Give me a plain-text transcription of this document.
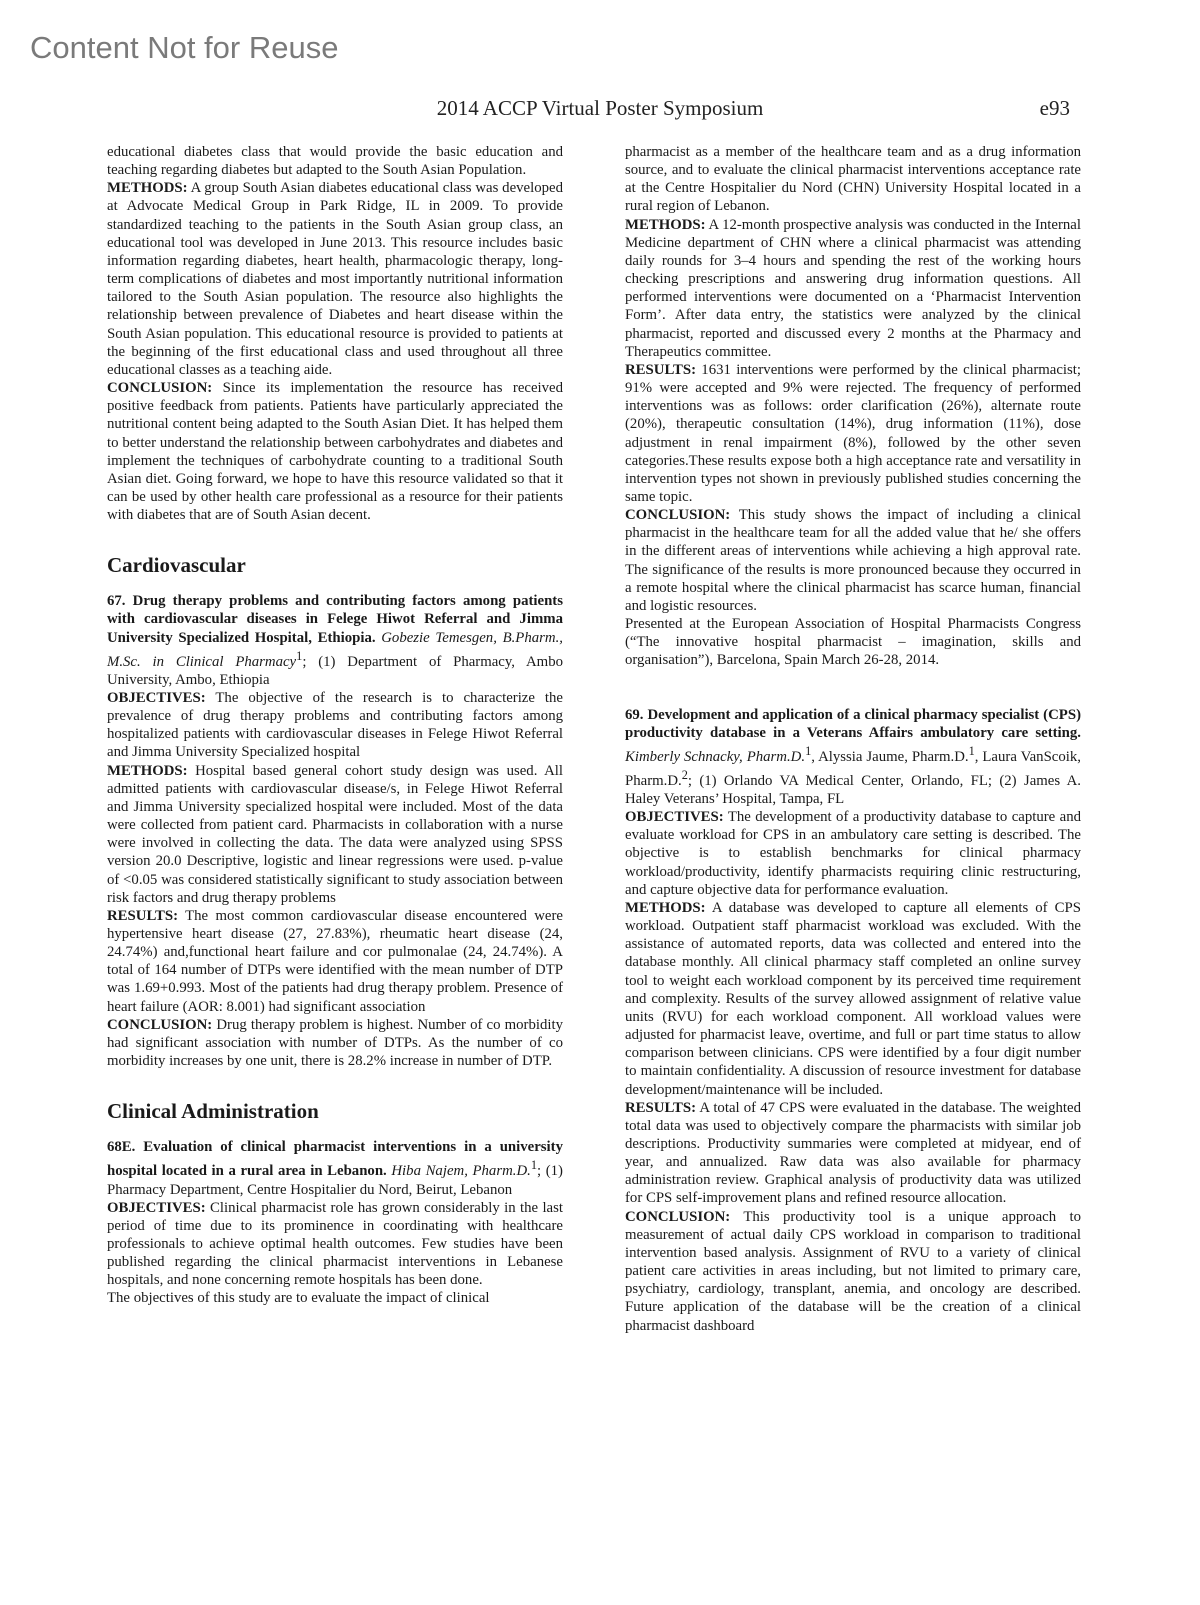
Content Not for Reuse
2014 ACCP Virtual Poster Symposium	e93

educational diabetes class that would provide the basic education and teaching regarding diabetes but adapted to the South Asian Population.

METHODS: A group South Asian diabetes educational class was developed at Advocate Medical Group in Park Ridge, IL in 2009. To provide standardized teaching to the patients in the South Asian group class, an educational tool was developed in June 2013. This resource includes basic information regarding diabetes, heart health, pharmacologic therapy, long-term complications of diabetes and most importantly nutritional information tailored to the South Asian population. The resource also highlights the relationship between prevalence of Diabetes and heart disease within the South Asian population. This educational resource is provided to patients at the beginning of the first educational class and used throughout all three educational classes as a teaching aide.

CONCLUSION: Since its implementation the resource has received positive feedback from patients. Patients have particularly appreciated the nutritional content being adapted to the South Asian Diet. It has helped them to better understand the relationship between carbohydrates and diabetes and implement the techniques of carbohydrate counting to a traditional South Asian diet. Going forward, we hope to have this resource validated so that it can be used by other health care professional as a resource for their patients with diabetes that are of South Asian decent.

Cardiovascular

67. Drug therapy problems and contributing factors among patients with cardiovascular diseases in Felege Hiwot Referral and Jimma University Specialized Hospital, Ethiopia. Gobezie Temesgen, B.Pharm., M.Sc. in Clinical Pharmacy$^1$; (1) Department of Pharmacy, Ambo University, Ambo, Ethiopia

OBJECTIVES: The objective of the research is to characterize the prevalence of drug therapy problems and contributing factors among hospitalized patients with cardiovascular diseases in Felege Hiwot Referral and Jimma University Specialized hospital

METHODS: Hospital based general cohort study design was used. All admitted patients with cardiovascular disease/s, in Felege Hiwot Referral and Jimma University specialized hospital were included. Most of the data were collected from patient card. Pharmacists in collaboration with a nurse were involved in collecting the data. The data were analyzed using SPSS version 20.0 Descriptive, logistic and linear regressions were used. p-value of <0.05 was considered statistically significant to study association between risk factors and drug therapy problems

RESULTS: The most common cardiovascular disease encountered were hypertensive heart disease (27, 27.83%), rheumatic heart disease (24, 24.74%) and,functional heart failure and cor pulmonalae (24, 24.74%). A total of 164 number of DTPs were identified with the mean number of DTP was 1.69+0.993. Most of the patients had drug therapy problem. Presence of heart failure (AOR: 8.001) had significant association

CONCLUSION: Drug therapy problem is highest. Number of co morbidity had significant association with number of DTPs. As the number of co morbidity increases by one unit, there is 28.2% increase in number of DTP.

Clinical Administration

68E. Evaluation of clinical pharmacist interventions in a university hospital located in a rural area in Lebanon. Hiba Najem, Pharm.D.$^1$; (1) Pharmacy Department, Centre Hospitalier du Nord, Beirut, Lebanon

OBJECTIVES: Clinical pharmacist role has grown considerably in the last period of time due to its prominence in coordinating with healthcare professionals to achieve optimal health outcomes. Few studies have been published regarding the clinical pharmacist interventions in Lebanese hospitals, and none concerning remote hospitals has been done.

The objectives of this study are to evaluate the impact of clinical

pharmacist as a member of the healthcare team and as a drug information source, and to evaluate the clinical pharmacist interventions acceptance rate at the Centre Hospitalier du Nord (CHN) University Hospital located in a rural region of Lebanon.

METHODS: A 12-month prospective analysis was conducted in the Internal Medicine department of CHN where a clinical pharmacist was attending daily rounds for 3–4 hours and spending the rest of the working hours checking prescriptions and answering drug information questions. All performed interventions were documented on a ‘Pharmacist Intervention Form’. After data entry, the statistics were analyzed by the clinical pharmacist, reported and discussed every 2 months at the Pharmacy and Therapeutics committee.

RESULTS: 1631 interventions were performed by the clinical pharmacist; 91% were accepted and 9% were rejected. The frequency of performed interventions was as follows: order clarification (26%), alternate route (20%), therapeutic consultation (14%), drug information (11%), dose adjustment in renal impairment (8%), followed by the other seven categories.These results expose both a high acceptance rate and versatility in intervention types not shown in previously published studies concerning the same topic.

CONCLUSION: This study shows the impact of including a clinical pharmacist in the healthcare team for all the added value that he/ she offers in the different areas of interventions while achieving a high approval rate. The significance of the results is more pronounced because they occurred in a remote hospital where the clinical pharmacist has scarce human, financial and logistic resources.

Presented at the European Association of Hospital Pharmacists Congress (“The innovative hospital pharmacist – imagination, skills and organisation”), Barcelona, Spain March 26-28, 2014.

69. Development and application of a clinical pharmacy specialist (CPS) productivity database in a Veterans Affairs ambulatory care setting. Kimberly Schnacky, Pharm.D.$^1$, Alyssia Jaume, Pharm.D.$^1$, Laura VanScoik, Pharm.D.$^2$; (1) Orlando VA Medical Center, Orlando, FL; (2) James A. Haley Veterans’ Hospital, Tampa, FL

OBJECTIVES: The development of a productivity database to capture and evaluate workload for CPS in an ambulatory care setting is described. The objective is to establish benchmarks for clinical pharmacy workload/productivity, identify pharmacists requiring clinic restructuring, and capture objective data for performance evaluation.

METHODS: A database was developed to capture all elements of CPS workload. Outpatient staff pharmacist workload was excluded. With the assistance of automated reports, data was collected and entered into the database monthly. All clinical pharmacy staff completed an online survey tool to weight each workload component by its perceived time requirement and complexity. Results of the survey allowed assignment of relative value units (RVU) for each workload component. All workload values were adjusted for pharmacist leave, overtime, and full or part time status to allow comparison between clinicians. CPS were identified by a four digit number to maintain confidentiality. A discussion of resource investment for database development/maintenance will be included.

RESULTS: A total of 47 CPS were evaluated in the database. The weighted total data was used to objectively compare the pharmacists with similar job descriptions. Productivity summaries were completed at midyear, end of year, and annualized. Raw data was also available for pharmacy administration review. Graphical analysis of productivity data was utilized for CPS self-improvement plans and refined resource allocation.

CONCLUSION: This productivity tool is a unique approach to measurement of actual daily CPS workload in comparison to traditional intervention based analysis. Assignment of RVU to a variety of clinical patient care activities in areas including, but not limited to primary care, psychiatry, cardiology, transplant, anemia, and oncology are described. Future application of the database will be the creation of a clinical pharmacist dashboard
